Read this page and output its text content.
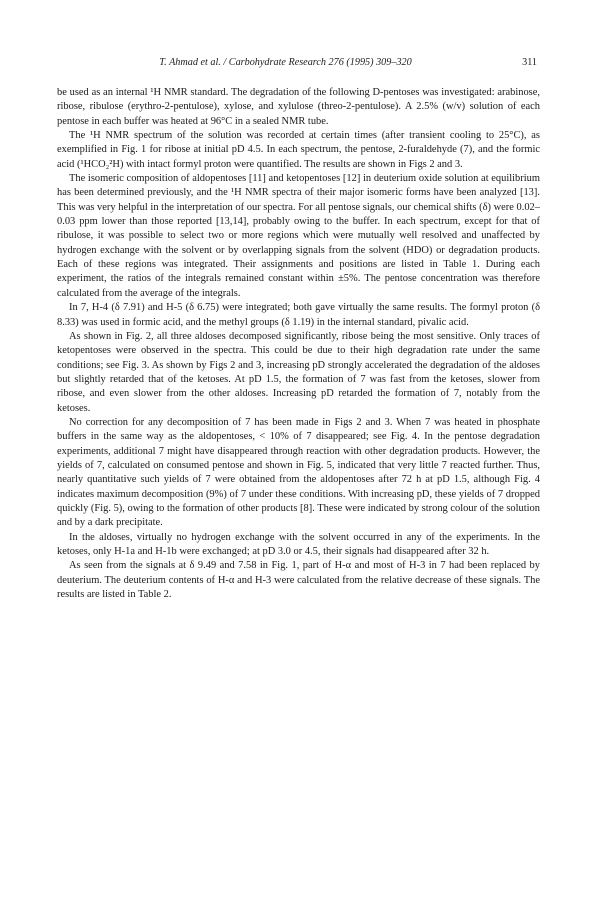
T. Ahmad et al. / Carbohydrate Research 276 (1995) 309–320	311

be used as an internal ¹H NMR standard. The degradation of the following D-pentoses was investigated: arabinose, ribose, ribulose (erythro-2-pentulose), xylose, and xylulose (threo-2-pentulose). A 2.5% (w/v) solution of each pentose in each buffer was heated at 96°C in a sealed NMR tube.

The ¹H NMR spectrum of the solution was recorded at certain times (after transient cooling to 25°C), as exemplified in Fig. 1 for ribose at initial pD 4.5. In each spectrum, the pentose, 2-furaldehyde (7), and the formic acid (¹HCO₂²H) with intact formyl proton were quantified. The results are shown in Figs 2 and 3.

The isomeric composition of aldopentoses [11] and ketopentoses [12] in deuterium oxide solution at equilibrium has been determined previously, and the ¹H NMR spectra of their major isomeric forms have been analyzed [13]. This was very helpful in the interpretation of our spectra. For all pentose signals, our chemical shifts (δ) were 0.02–0.03 ppm lower than those reported [13,14], probably owing to the buffer. In each spectrum, except for that of ribulose, it was possible to select two or more regions which were mutually well resolved and unaffected by hydrogen exchange with the solvent or by overlapping signals from the solvent (HDO) or degradation products. Each of these regions was integrated. Their assignments and positions are listed in Table 1. During each experiment, the ratios of the integrals remained constant within ±5%. The pentose concentration was therefore calculated from the average of the integrals.

In 7, H-4 (δ 7.91) and H-5 (δ 6.75) were integrated; both gave virtually the same results. The formyl proton (δ 8.33) was used in formic acid, and the methyl groups (δ 1.19) in the internal standard, pivalic acid.

As shown in Fig. 2, all three aldoses decomposed significantly, ribose being the most sensitive. Only traces of ketopentoses were observed in the spectra. This could be due to their high degradation rate under the same conditions; see Fig. 3. As shown by Figs 2 and 3, increasing pD strongly accelerated the degradation of the aldoses but slightly retarded that of the ketoses. At pD 1.5, the formation of 7 was fast from the ketoses, slower from ribose, and even slower from the other aldoses. Increasing pD retarded the formation of 7, notably from the ketoses.

No correction for any decomposition of 7 has been made in Figs 2 and 3. When 7 was heated in phosphate buffers in the same way as the aldopentoses, < 10% of 7 disappeared; see Fig. 4. In the pentose degradation experiments, additional 7 might have disappeared through reaction with other degradation products. However, the yields of 7, calculated on consumed pentose and shown in Fig. 5, indicated that very little 7 reacted further. Thus, nearly quantitative such yields of 7 were obtained from the aldopentoses after 72 h at pD 1.5, although Fig. 4 indicates maximum decomposition (9%) of 7 under these conditions. With increasing pD, these yields of 7 dropped quickly (Fig. 5), owing to the formation of other products [8]. These were indicated by strong colour of the solution and by a dark precipitate.

In the aldoses, virtually no hydrogen exchange with the solvent occurred in any of the experiments. In the ketoses, only H-1a and H-1b were exchanged; at pD 3.0 or 4.5, their signals had disappeared after 32 h.

As seen from the signals at δ 9.49 and 7.58 in Fig. 1, part of H-α and most of H-3 in 7 had been replaced by deuterium. The deuterium contents of H-α and H-3 were calculated from the relative decrease of these signals. The results are listed in Table 2.
